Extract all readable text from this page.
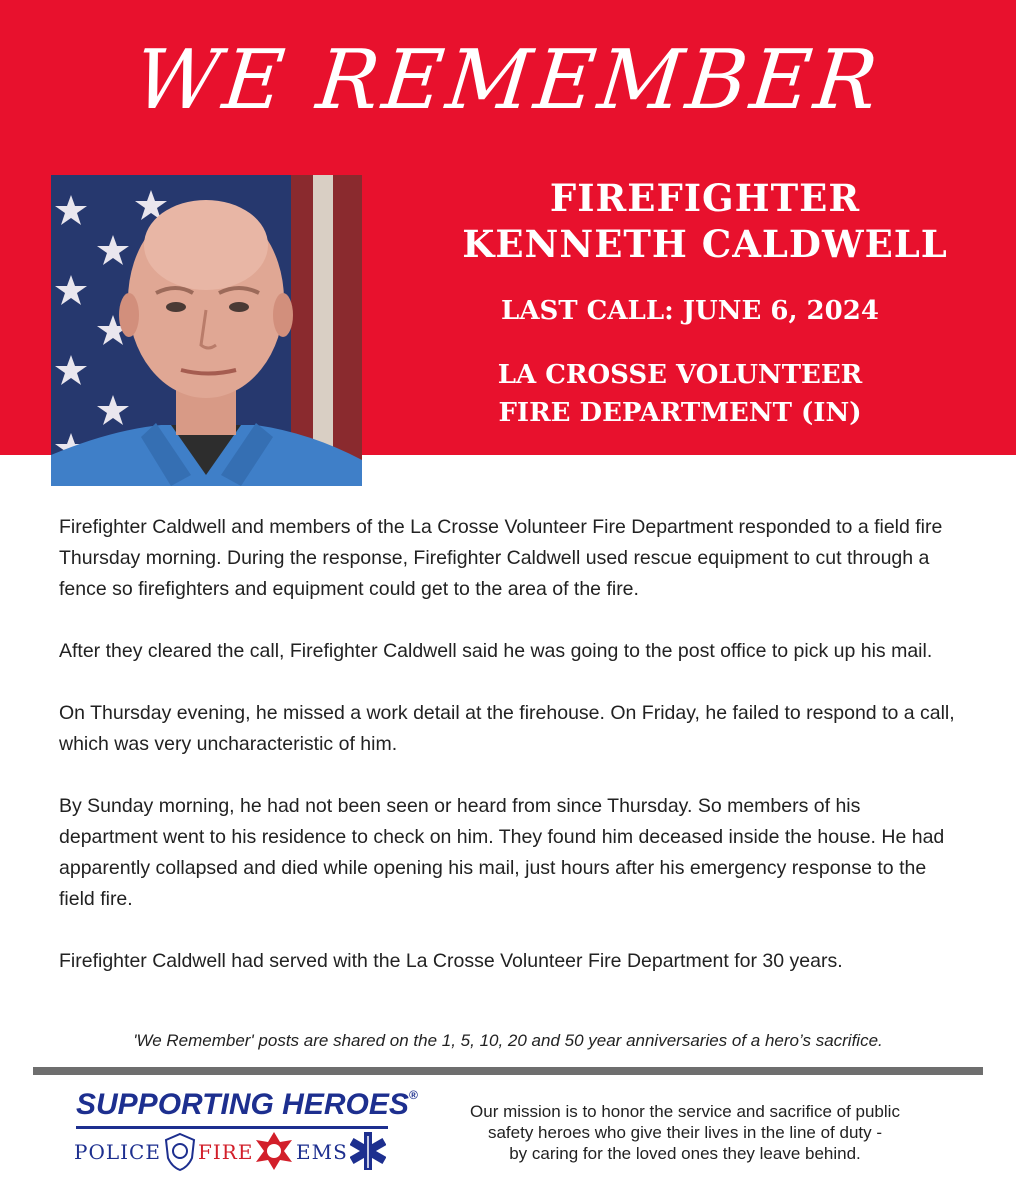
WE REMEMBER
FIREFIGHTER
KENNETH CALDWELL
LAST CALL: JUNE 6, 2024
LA CROSSE VOLUNTEER
FIRE DEPARTMENT (IN)

Firefighter Caldwell and members of the La Crosse Volunteer Fire Department responded to a field fire Thursday morning. During the response, Firefighter Caldwell used rescue equipment to cut through a fence so firefighters and equipment could get to the area of the fire.

After they cleared the call, Firefighter Caldwell said he was going to the post office to pick up his mail.

On Thursday evening, he missed a work detail at the firehouse. On Friday, he failed to respond to a call, which was very uncharacteristic of him.

By Sunday morning, he had not been seen or heard from since Thursday. So members of his department went to his residence to check on him. They found him deceased inside the house. He had apparently collapsed and died while opening his mail, just hours after his emergency response to the field fire.

Firefighter Caldwell had served with the La Crosse Volunteer Fire Department for 30 years.

'We Remember' posts are shared on the 1, 5, 10, 20 and 50 year anniversaries of a hero’s sacrifice.
SUPPORTING HEROES®
POLICE FIRE EMS
Our mission is to honor the service and sacrifice of public
safety heroes who give their lives in the line of duty -
by caring for the loved ones they leave behind.
